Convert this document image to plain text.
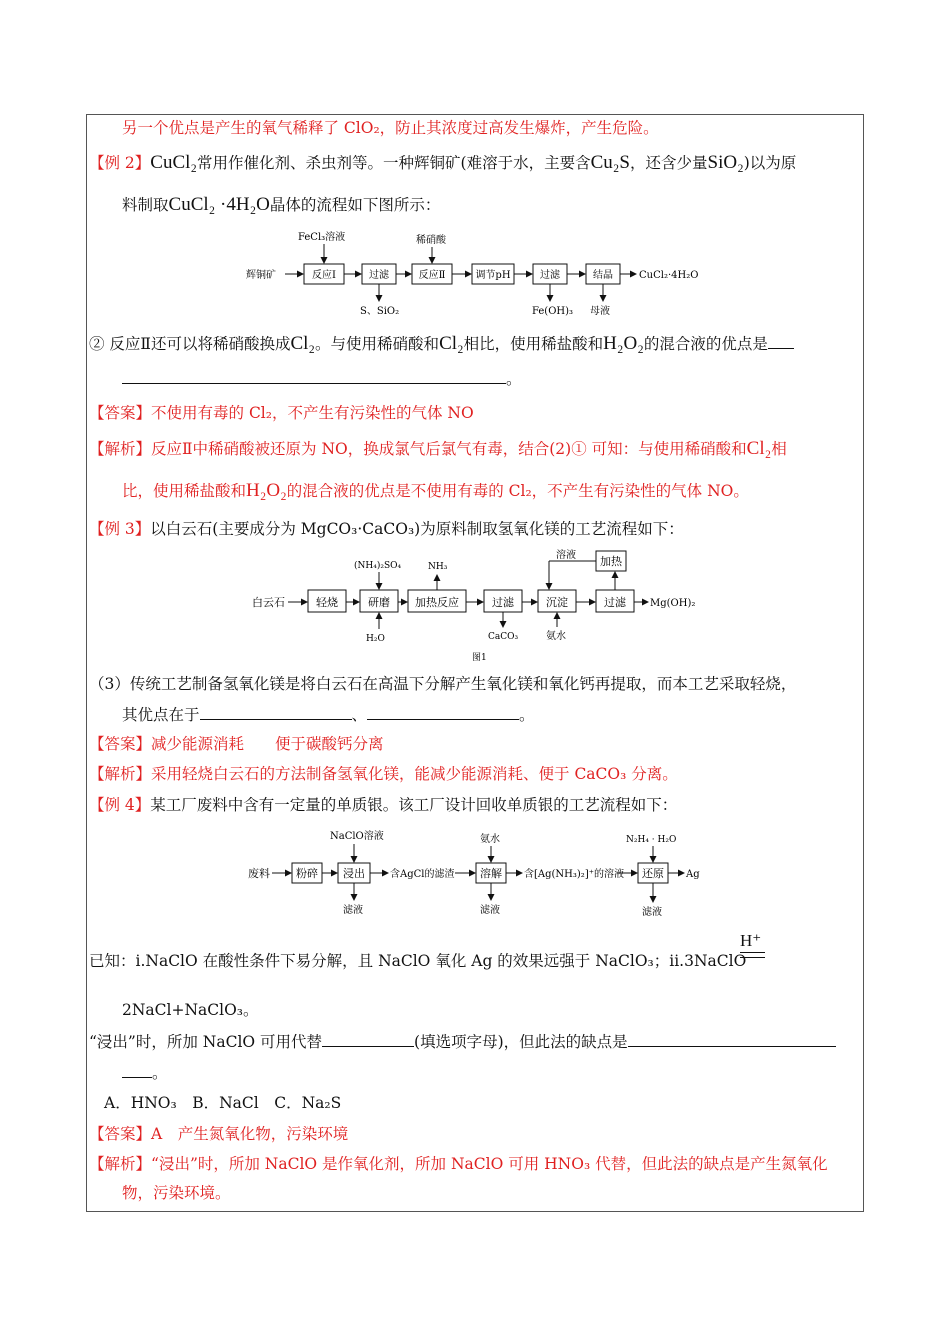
另一个优点是产生的氧气稀释了 ClO₂，防止其浓度过高发生爆炸，产生危险。
【例 2】CuCl₂常用作催化剂、杀虫剂等。一种辉铜矿(难溶于水，主要含Cu₂S，还含少量SiO₂)以为原
料制取CuCl₂ ·4H₂O晶体的流程如下图所示：
辉铜矿	反应Ⅰ	过滤	反应Ⅱ	调节pH	过滤	结晶	CuCl₂·4H₂O
FeCl₃溶液	稀硝酸
S、SiO₂	Fe(OH)₃ 母液
② 反应Ⅱ还可以将稀硝酸换成Cl₂。与使用稀硝酸和Cl₂相比，使用稀盐酸和H₂O₂的混合液的优点是
。
【答案】不使用有毒的 Cl₂，不产生有污染性的气体 NO
【解析】反应Ⅱ中稀硝酸被还原为 NO，换成氯气后氯气有毒，结合(2)① 可知：与使用稀硝酸和Cl₂相
比，使用稀盐酸和H₂O₂的混合液的优点是不使用有毒的 Cl₂，不产生有污染性的气体 NO。
【例 3】以白云石(主要成分为 MgCO₃·CaCO₃)为原料制取氢氧化镁的工艺流程如下：
白云石	轻烧	研磨 加热反应	过滤	沉淀	过滤 Mg(OH)₂
加热
溶液
(NH₄)₂SO₄	NH₃
H₂O	CaCO₃	氨水
图1
（3）传统工艺制备氢氧化镁是将白云石在高温下分解产生氧化镁和氧化钙再提取，而本工艺采取轻烧，
其优点在于	、	。
【答案】减少能源消耗　　便于碳酸钙分离
【解析】采用轻烧白云石的方法制备氢氧化镁，能减少能源消耗、便于 CaCO₃ 分离。
【例 4】某工厂废料中含有一定量的单质银。该工厂设计回收单质银的工艺流程如下：
废料 粉碎 浸出	含AgCl的滤渣 溶解 含[Ag(NH₃)₂]⁺的溶液 还原 Ag
NaClO溶液	氨水	N₂H₄ · H₂O
滤液	滤液	滤液
已知：i.NaClO 在酸性条件下易分解，且 NaClO 氧化 Ag 的效果远强于 NaClO₃；ii.3NaClO
H⁺
2NaCl+NaClO₃。
“浸出”时，所加 NaClO 可用代替	(填选项字母)，但此法的缺点是
。
A．HNO₃　B．NaCl　C．Na₂S
【答案】A　产生氮氧化物，污染环境
【解析】“浸出”时，所加 NaClO 是作氧化剂，所加 NaClO 可用 HNO₃ 代替，但此法的缺点是产生氮氧化
物，污染环境。
